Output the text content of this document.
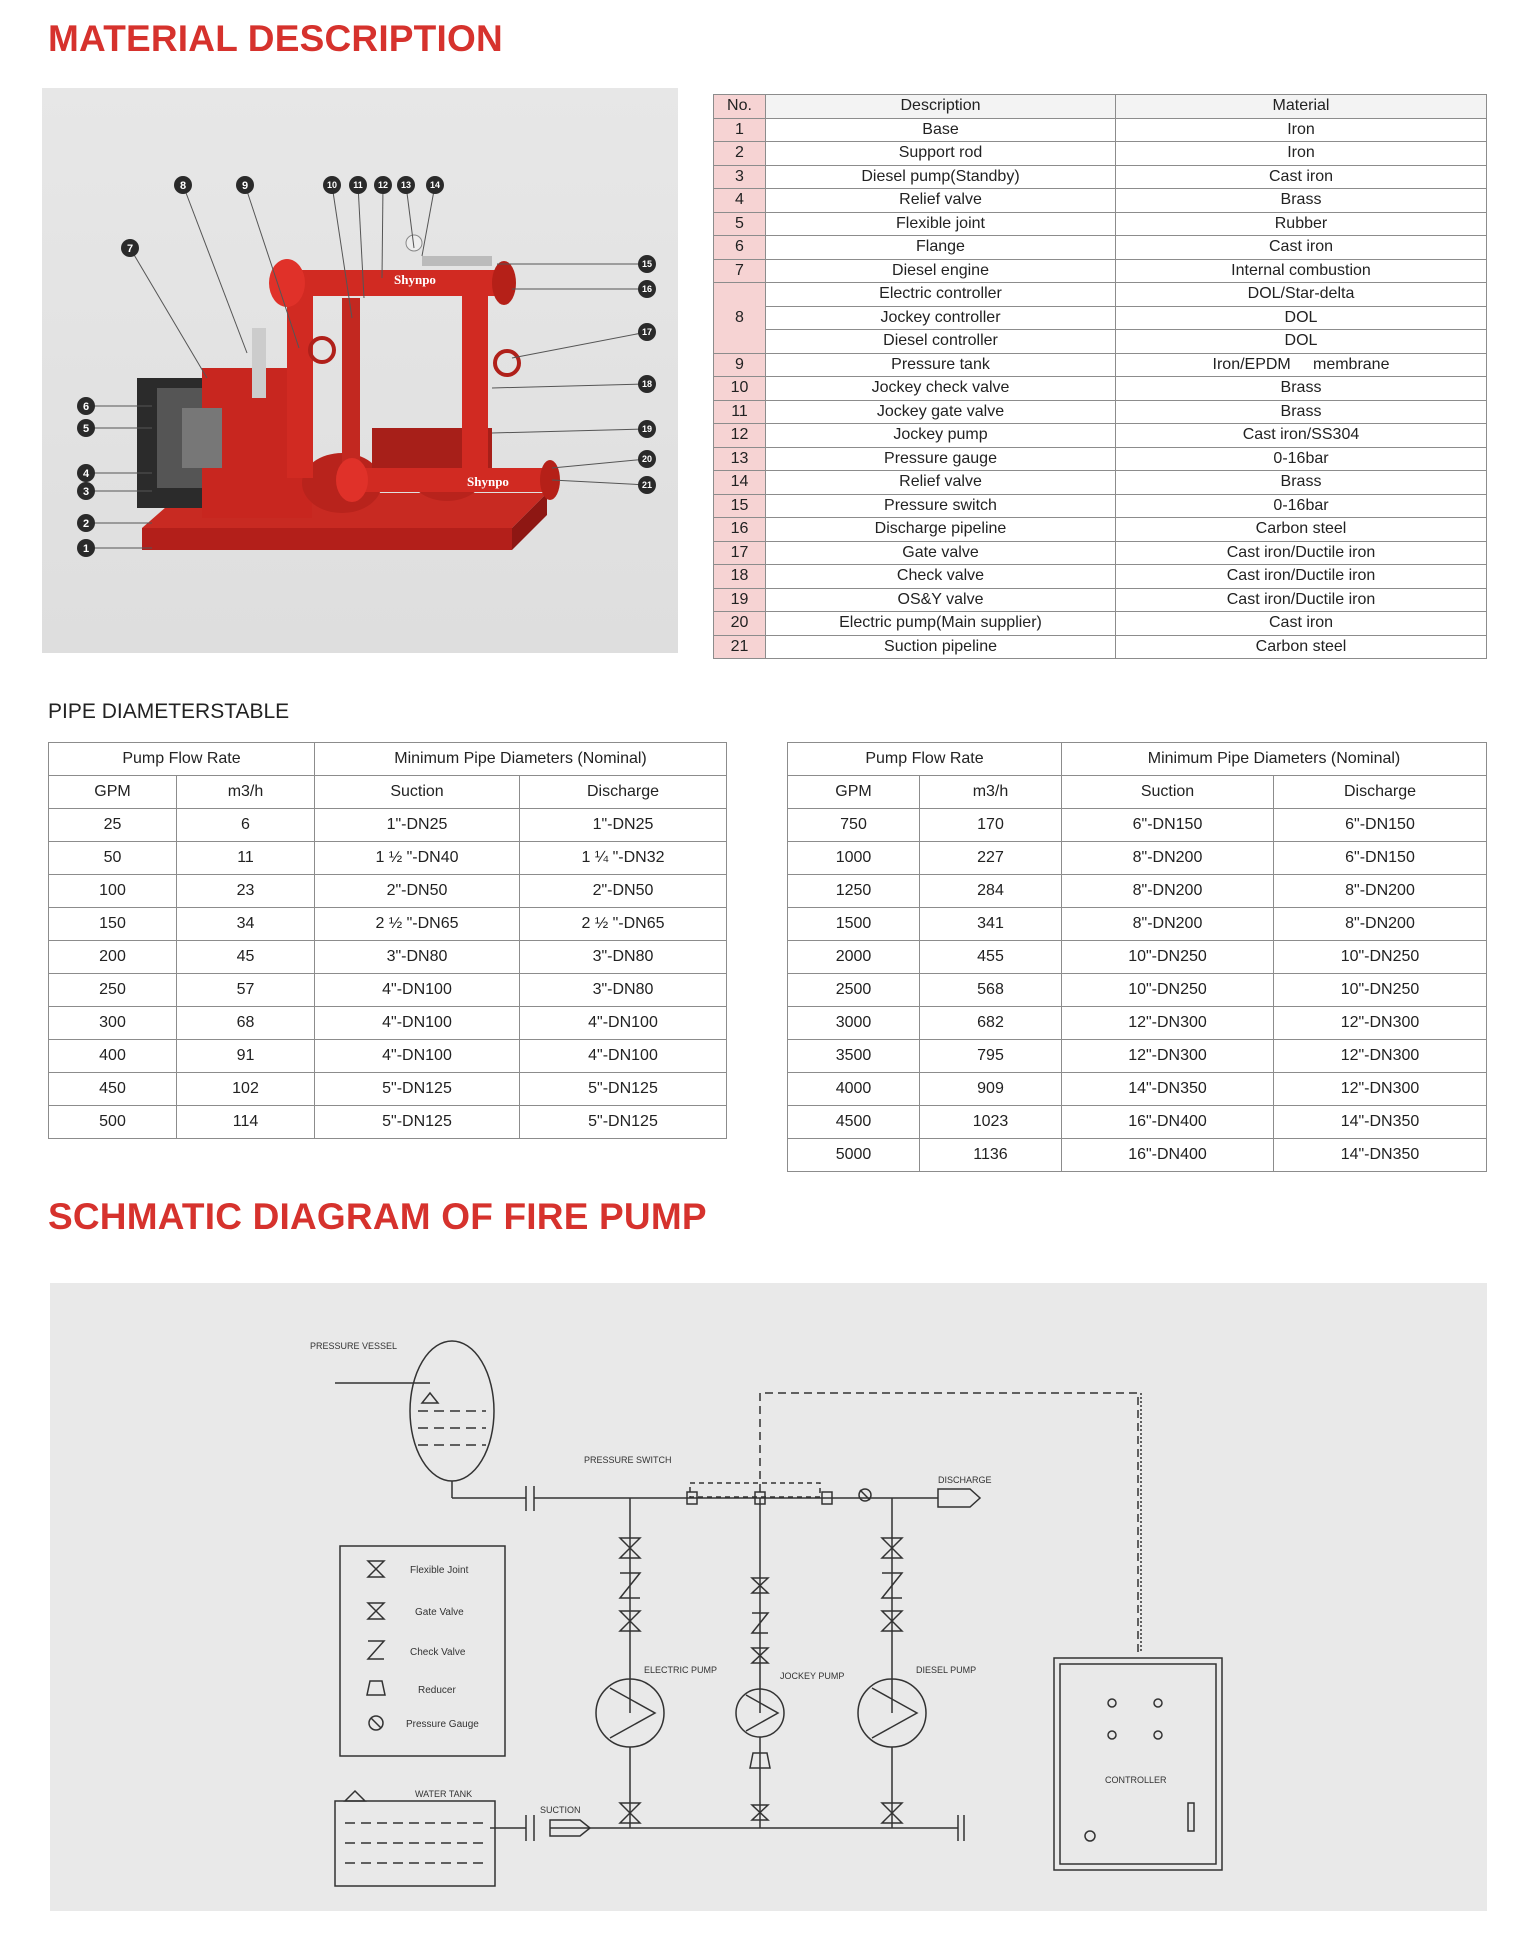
MATERIAL DESCRIPTION
PIPE DIAMETERSTABLE
SCHMATIC DIAGRAM OF FIRE PUMP
Shynpo
Shynpo
1
2
3
4
5
6
7
8	9	10 11 12 13 14
15
16
17
18
19
20
21
No.	Description	Material
1	Base	Iron
2	Support rod	Iron
3	Diesel pump(Standby)	Cast iron
4	Relief valve	Brass
5	Flexible joint	Rubber
6	Flange	Cast iron
7	Diesel engine	Internal combustion
8	Electric controller	DOL/Star-delta
	Jockey controller	DOL
	Diesel controller	DOL
9	Pressure tank	Iron/EPDM     membrane
10	Jockey check valve	Brass
11	Jockey gate valve	Brass
12	Jockey pump	Cast iron/SS304
13	Pressure gauge	0-16bar
14	Relief valve	Brass
15	Pressure switch	0-16bar
16	Discharge pipeline	Carbon steel
17	Gate valve	Cast iron/Ductile iron
18	Check valve	Cast iron/Ductile iron
19	OS&Y valve	Cast iron/Ductile iron
20	Electric pump(Main supplier)	Cast iron
21	Suction pipeline	Carbon steel
Pump Flow Rate		Minimum Pipe Diameters (Nominal)	
GPM	m3/h	Suction	Discharge
25	6	1"-DN25	1"-DN25
50	11	1 ½ "-DN40	1 ¼ "-DN32
100	23	2"-DN50	2"-DN50
150	34	2 ½ "-DN65	2 ½ "-DN65
200	45	3"-DN80	3"-DN80
250	57	4"-DN100	3"-DN80
300	68	4"-DN100	4"-DN100
400	91	4"-DN100	4"-DN100
450	102	5"-DN125	5"-DN125
500	114	5"-DN125	5"-DN125
Pump Flow Rate		Minimum Pipe Diameters (Nominal)	
GPM	m3/h	Suction	Discharge
750	170	6"-DN150	6"-DN150
1000	227	8"-DN200	6"-DN150
1250	284	8"-DN200	8"-DN200
1500	341	8"-DN200	8"-DN200
2000	455	10"-DN250	10"-DN250
2500	568	10"-DN250	10"-DN250
3000	682	12"-DN300	12"-DN300
3500	795	12"-DN300	12"-DN300
4000	909	14"-DN350	12"-DN300
4500	1023	16"-DN400	14"-DN350
5000	1136	16"-DN400	14"-DN350
PRESSURE VESSEL
PRESSURE SWITCH
DISCHARGE
ELECTRIC PUMP
JOCKEY PUMP
DIESEL PUMP
WATER TANK
SUCTION
CONTROLLER
Flexible Joint
Gate Valve
Check Valve
Reducer
Pressure Gauge
